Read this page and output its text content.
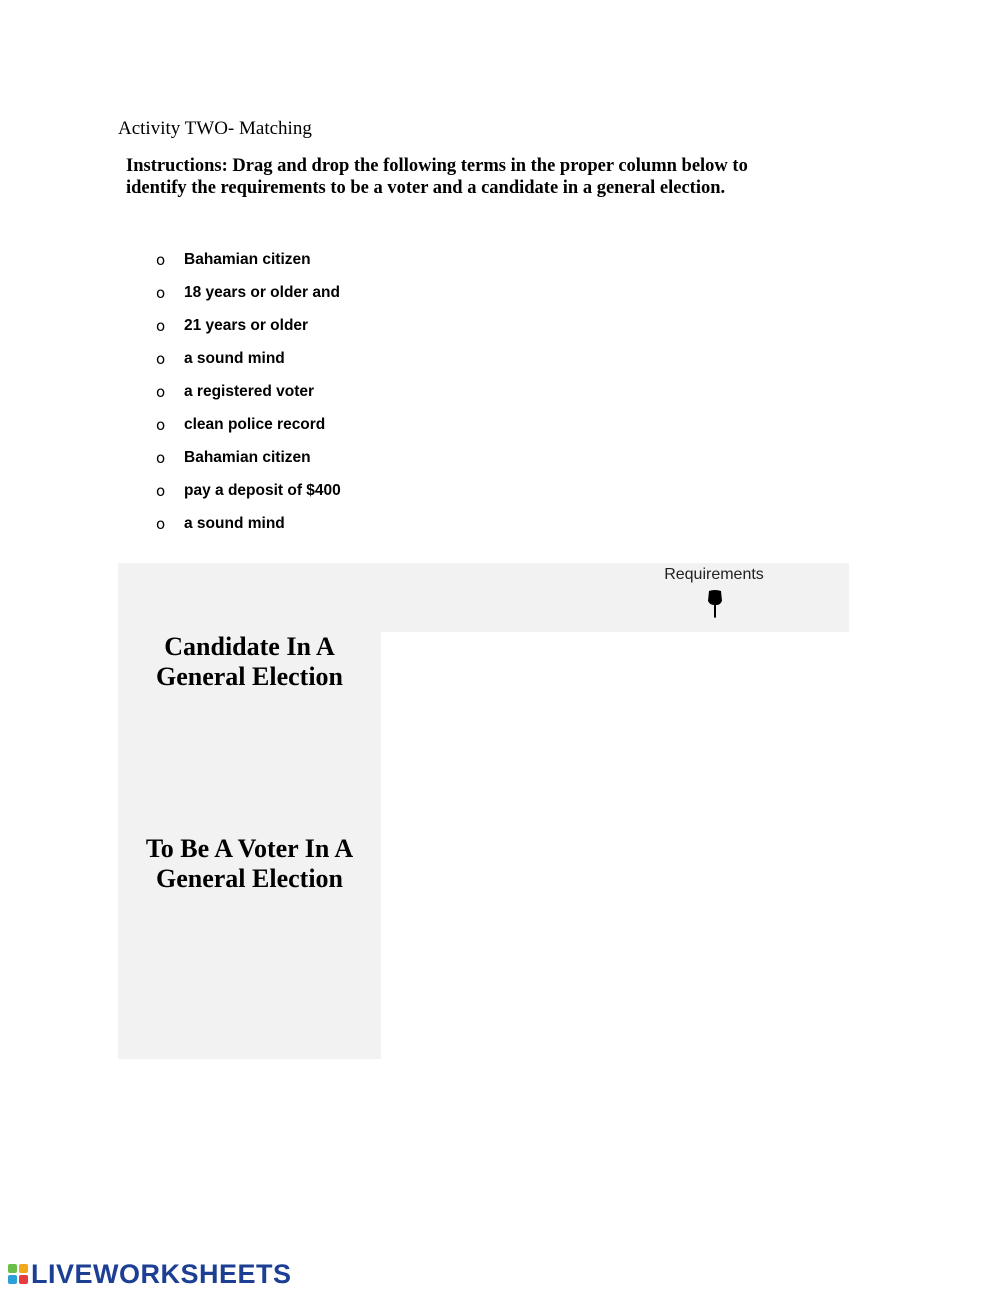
Activity TWO- Matching
Instructions: Drag and drop the following terms in the proper column below to
identify the requirements to be a voter and a candidate in a general election.
o	Bahamian citizen
o	18 years or older and
o	21 years or older
o	a sound mind
o	a registered voter
o	clean police record
o	Bahamian citizen
o	pay a deposit of $400
o	a sound mind
Requirements
Candidate In A
General Election
To Be A Voter In A
General Election
LIVEWORKSHEETS
